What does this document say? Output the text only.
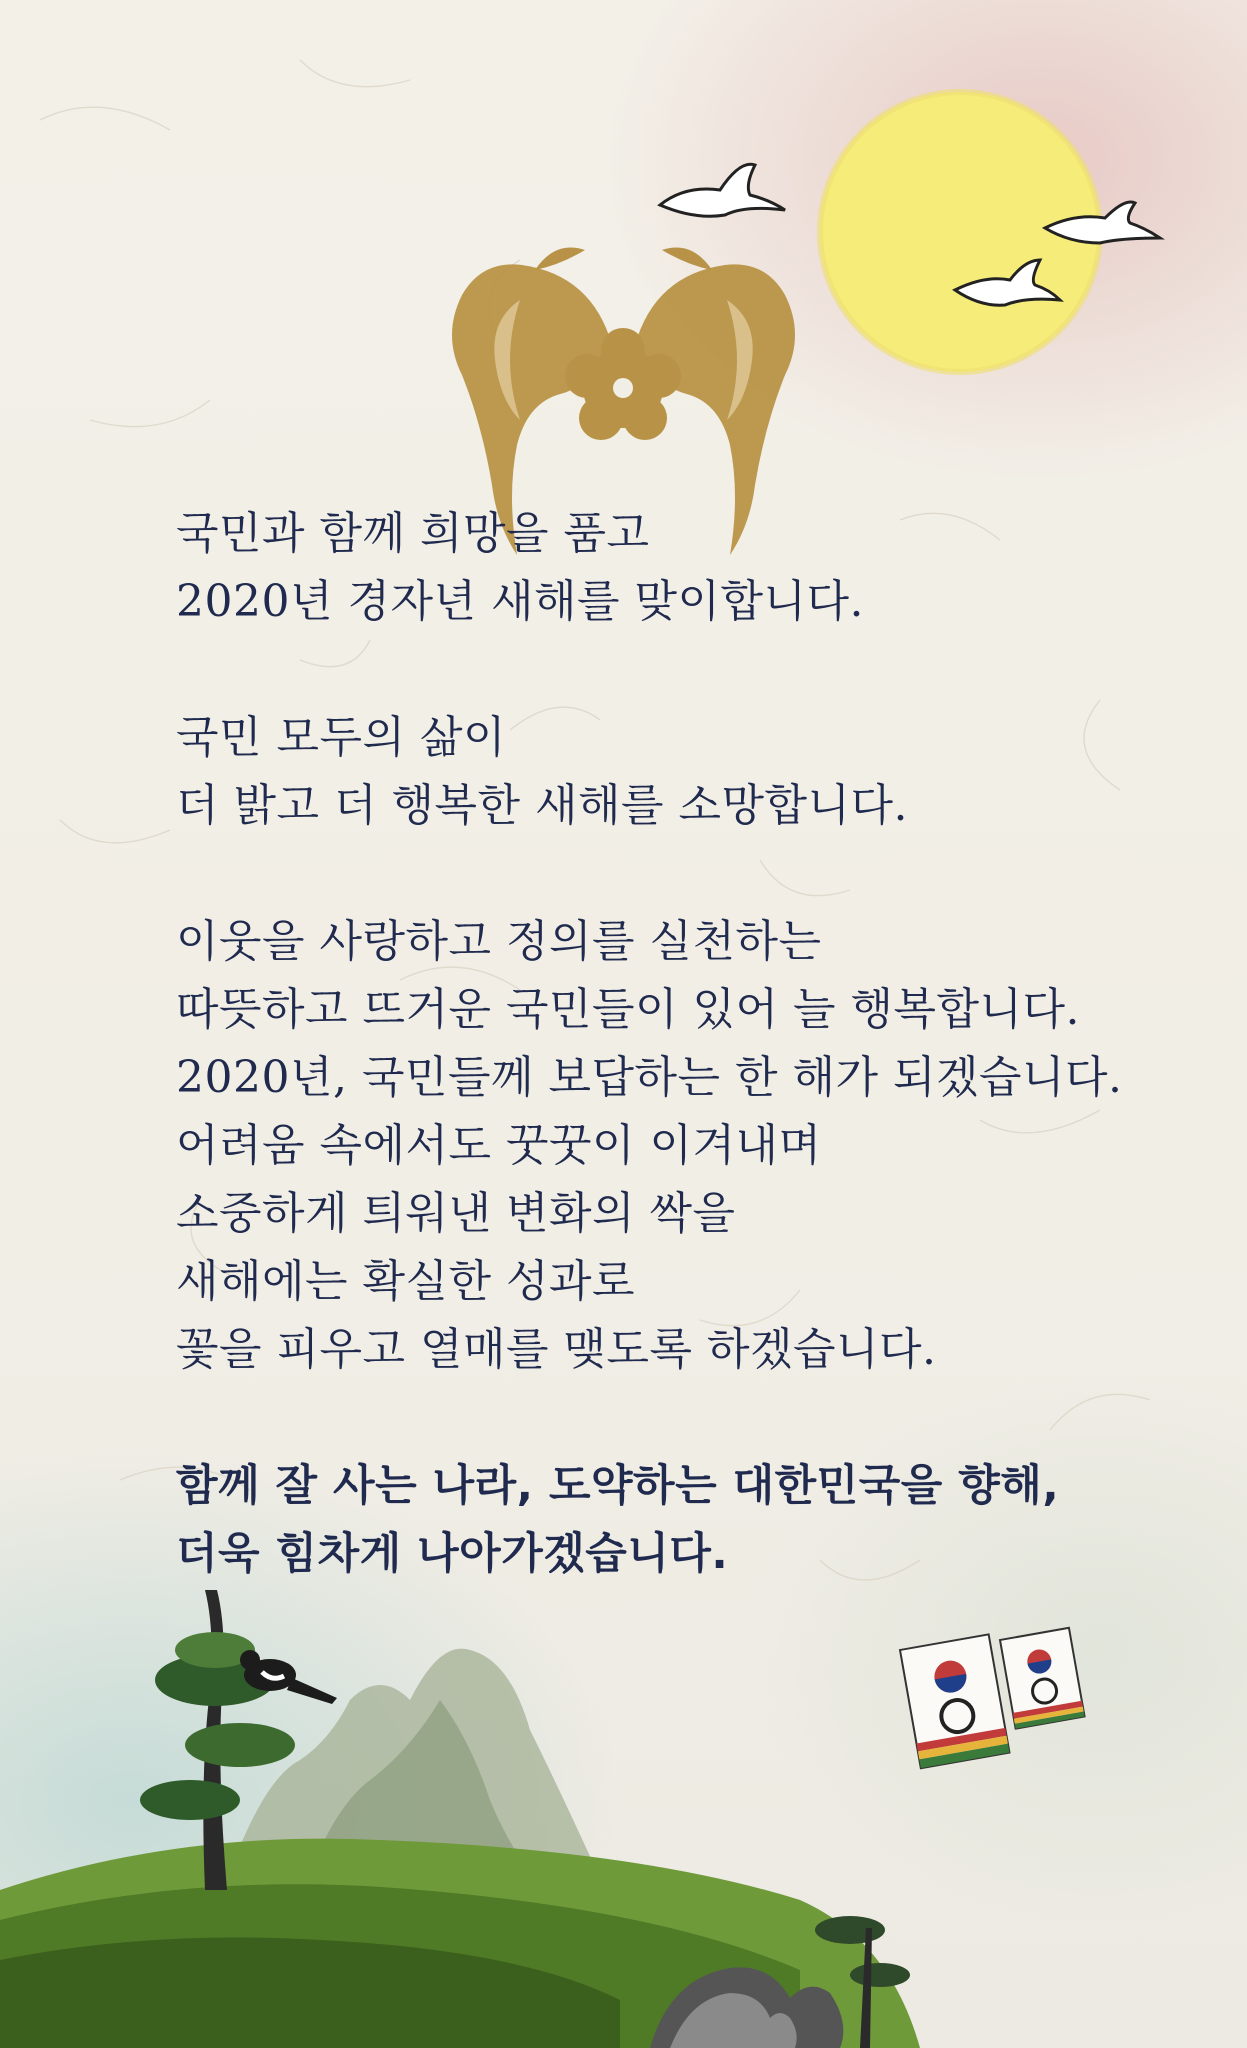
국민과 함께 희망을 품고
2020년 경자년 새해를 맞이합니다.
국민 모두의 삶이
더 밝고 더 행복한 새해를 소망합니다.
이웃을 사랑하고 정의를 실천하는
따뜻하고 뜨거운 국민들이 있어 늘 행복합니다.
2020년, 국민들께 보답하는 한 해가 되겠습니다.
어려움 속에서도 꿋꿋이 이겨내며
소중하게 틔워낸 변화의 싹을
새해에는 확실한 성과로
꽃을 피우고 열매를 맺도록 하겠습니다.
함께 잘 사는 나라, 도약하는 대한민국을 향해,
더욱 힘차게 나아가겠습니다.
